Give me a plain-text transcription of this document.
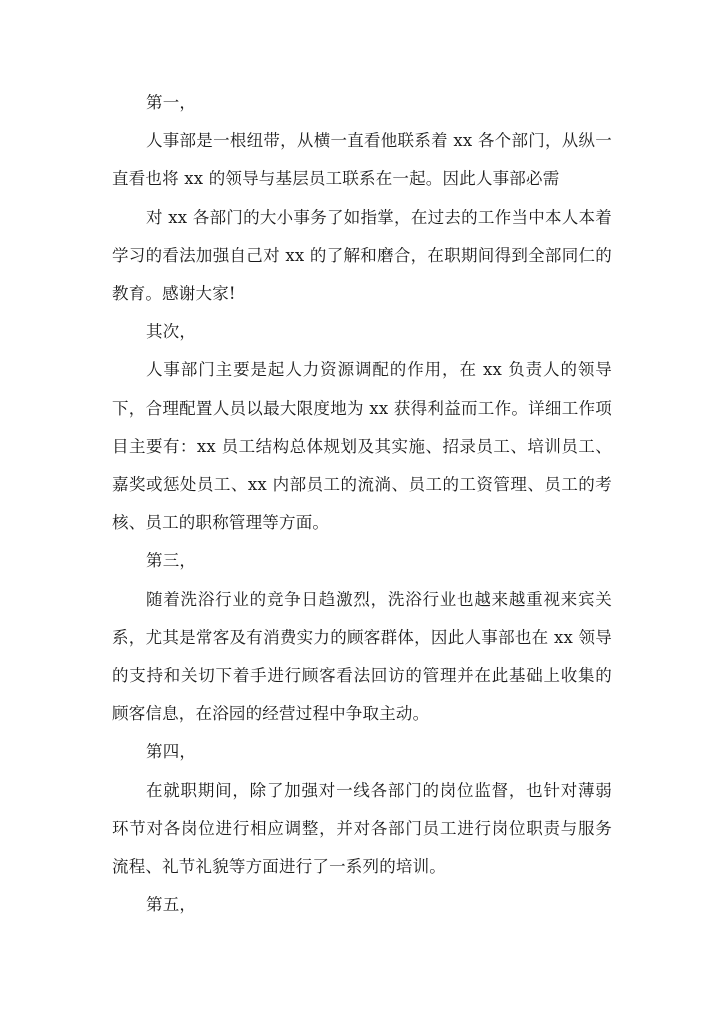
第一，

人事部是一根纽带，从横一直看他联系着 xx 各个部门，从纵一直看也将 xx 的领导与基层员工联系在一起。因此人事部必需

对 xx 各部门的大小事务了如指掌，在过去的工作当中本人本着学习的看法加强自己对 xx 的了解和磨合，在职期间得到全部同仁的教育。感谢大家!

其次，

人事部门主要是起人力资源调配的作用，在 xx 负责人的领导下，合理配置人员以最大限度地为 xx 获得利益而工作。详细工作项目主要有：xx 员工结构总体规划及其实施、招录员工、培训员工、嘉奖或惩处员工、xx 内部员工的流淌、员工的工资管理、员工的考核、员工的职称管理等方面。

第三，

随着洗浴行业的竞争日趋激烈，洗浴行业也越来越重视来宾关系，尤其是常客及有消费实力的顾客群体，因此人事部也在 xx 领导的支持和关切下着手进行顾客看法回访的管理并在此基础上收集的顾客信息，在浴园的经营过程中争取主动。

第四，

在就职期间，除了加强对一线各部门的岗位监督，也针对薄弱环节对各岗位进行相应调整，并对各部门员工进行岗位职责与服务流程、礼节礼貌等方面进行了一系列的培训。

第五，
